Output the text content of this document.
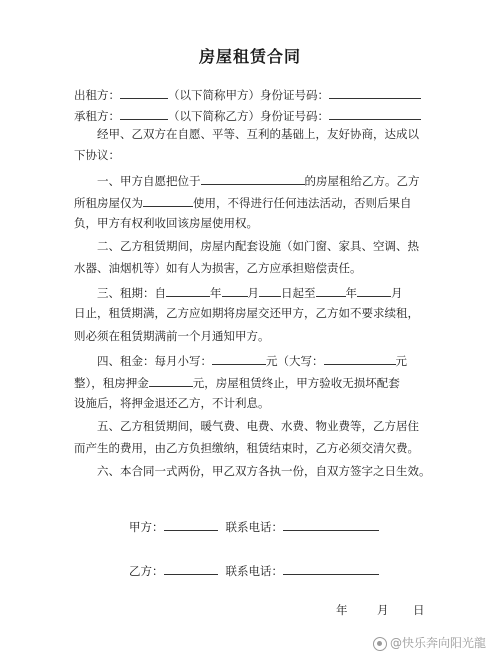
房屋租赁合同
出租方：	（以下简称甲方）身份证号码：
承租方：	（以下简称乙方）身份证号码：
　　经甲、乙双方在自愿、平等、互利的基础上，友好协商，达成以
下协议：
　　一、甲方自愿把位于	的房屋租给乙方。乙方
所租房屋仅为	使用，不得进行任何违法活动，否则后果自
负，甲方有权利收回该房屋使用权。
　　二、乙方租赁期间，房屋内配套设施（如门窗、家具、空调、热
水器、油烟机等）如有人为损害，乙方应承担赔偿责任。
　　三、租期：自	年 月 日起至	年	月
日止，租赁期满，乙方应如期将房屋交还甲方，乙方如不要求续租，
则必须在租赁期满前一个月通知甲方。
　　四、租金：每月小写：	元（大写：	元
整），租房押金	元，房屋租赁终止，甲方验收无损坏配套
设施后，将押金退还乙方，不计利息。
　　五、乙方租赁期间，暖气费、电费、水费、物业费等，乙方居住
而产生的费用，由乙方负担缴纳，租赁结束时，乙方必须交清欠费。
　　六、本合同一式两份，甲乙双方各执一份，自双方签字之日生效。
甲方：	联系电话：
乙方：	联系电话：
年	月 日
@快乐奔向阳光龍
